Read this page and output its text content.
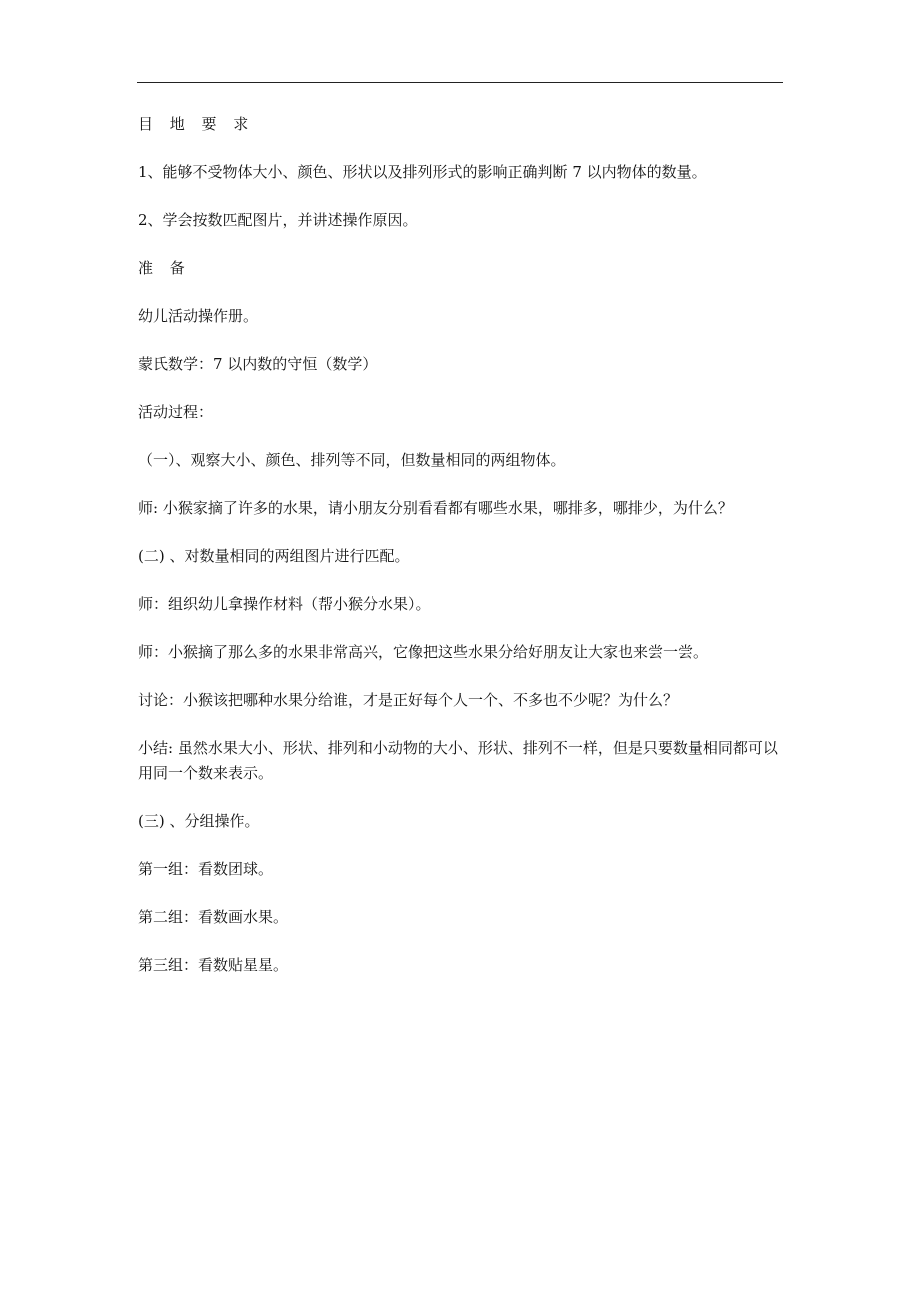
目 地 要 求

1、能够不受物体大小、颜色、形状以及排列形式的影响正确判断 7 以内物体的数量。

2、学会按数匹配图片，并讲述操作原因。

准 备

幼儿活动操作册。

蒙氏数学：7 以内数的守恒（数学）

活动过程：

（一）、观察大小、颜色、排列等不同，但数量相同的两组物体。

师: 小猴家摘了许多的水果，请小朋友分别看看都有哪些水果，哪排多，哪排少，为什么？

(二) 、对数量相同的两组图片进行匹配。

师：组织幼儿拿操作材料（帮小猴分水果）。

师：小猴摘了那么多的水果非常高兴，它像把这些水果分给好朋友让大家也来尝一尝。

讨论：小猴该把哪种水果分给谁，才是正好每个人一个、不多也不少呢？为什么？

小结: 虽然水果大小、形状、排列和小动物的大小、形状、排列不一样，但是只要数量相同都可以用同一个数来表示。

(三) 、分组操作。

第一组：看数团球。

第二组：看数画水果。

第三组：看数贴星星。
